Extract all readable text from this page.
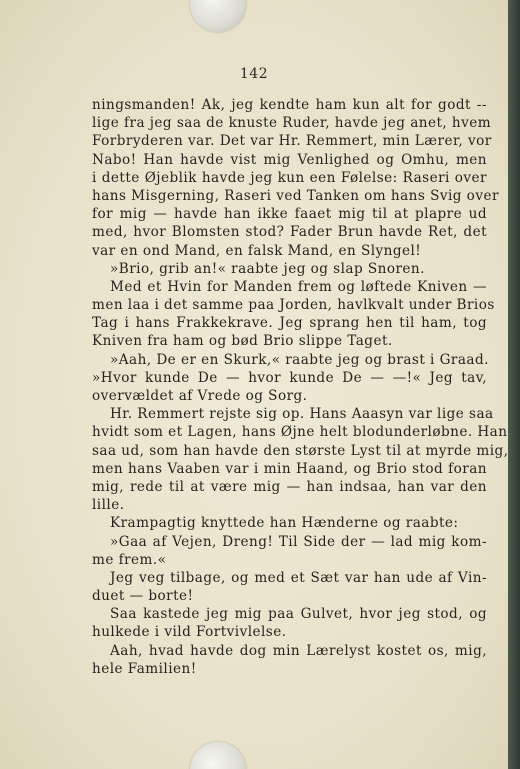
142
ningsmanden! Ak, jeg kendte ham kun alt for godt --
lige fra jeg saa de knuste Ruder, havde jeg anet, hvem
Forbryderen var. Det var Hr. Remmert, min Lærer, vor
Nabo! Han havde vist mig Venlighed og Omhu, men
i dette Øjeblik havde jeg kun een Følelse: Raseri over
hans Misgerning, Raseri ved Tanken om hans Svig over
for mig — havde han ikke faaet mig til at plapre ud
med, hvor Blomsten stod? Fader Brun havde Ret, det
var en ond Mand, en falsk Mand, en Slyngel!
»Brio, grib an!« raabte jeg og slap Snoren.
Med et Hvin for Manden frem og løftede Kniven —
men laa i det samme paa Jorden, havlkvalt under Brios
Tag i hans Frakkekrave. Jeg sprang hen til ham, tog
Kniven fra ham og bød Brio slippe Taget.
»Aah, De er en Skurk,« raabte jeg og brast i Graad.
»Hvor kunde De — hvor kunde De — —!« Jeg tav,
overvældet af Vrede og Sorg.
Hr. Remmert rejste sig op. Hans Aaasyn var lige saa
hvidt som et Lagen, hans Øjne helt blodunderløbne. Han
saa ud, som han havde den største Lyst til at myrde mig,
men hans Vaaben var i min Haand, og Brio stod foran
mig, rede til at være mig — han indsaa, han var den
lille.
Krampagtig knyttede han Hænderne og raabte:
»Gaa af Vejen, Dreng! Til Side der — lad mig kom-
me frem.«
Jeg veg tilbage, og med et Sæt var han ude af Vin-
duet — borte!
Saa kastede jeg mig paa Gulvet, hvor jeg stod, og
hulkede i vild Fortvivlelse.
Aah, hvad havde dog min Lærelyst kostet os, mig,
hele Familien!
